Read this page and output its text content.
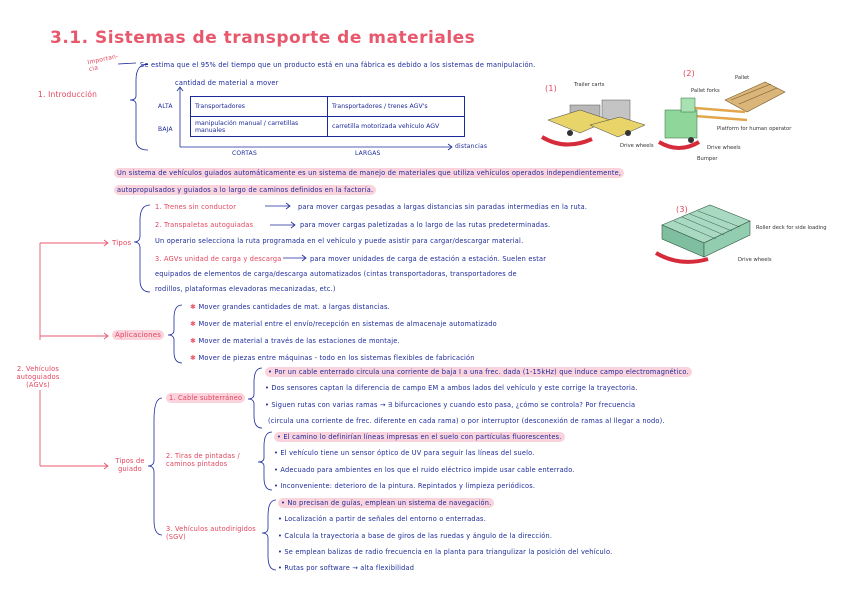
3.1. Sistemas de transporte de materiales
1. Introducción
Importan-
cia	Se estima que el 95% del tiempo que un producto está en una fábrica es debido a los sistemas de manipulación.
cantidad de material a mover
ALTA
BAJA
Transportadores	Transportadores / trenes AGV's
manipulación manual / carretillas manuales	carretilla motorizada vehículo AGV
CORTAS	LARGAS
distancias
Trailer carts
Drive wheels
(1)
Pallet
Pallet forks
Platform for human operator
Drive wheels
Bumper
(2)
Roller deck for side loading
Drive wheels
(3)
Un sistema de vehículos guiados automáticamente es un sistema de manejo de materiales que utiliza vehículos operados independientemente,
autopropulsados y guiados a lo largo de caminos definidos en la factoría.
2. Vehículos autoguiados (AGVs)
Tipos
1. Trenes sin conductor	para mover cargas pesadas a largas distancias sin paradas intermedias en la ruta.
2. Transpaletas autoguiadas	para mover cargas paletizadas a lo largo de las rutas predeterminadas.
Un operario selecciona la ruta programada en el vehículo y puede asistir para cargar/descargar material.
3. AGVs unidad de carga y descarga	para mover unidades de carga de estación a estación. Suelen estar
equipados de elementos de carga/descarga automatizados (cintas transportadoras, transportadores de
rodillos, plataformas elevadoras mecanizadas, etc.)
Aplicaciones
✱ Mover grandes cantidades de mat. a largas distancias.
✱ Mover de material entre el envío/recepción en sistemas de almacenaje automatizado
✱ Mover de material a través de las estaciones de montaje.
✱ Mover de piezas entre máquinas - todo en los sistemas flexibles de fabricación
Tipos de guiado
1. Cable subterráneo
• Por un cable enterrado circula una corriente de baja I a una frec. dada (1-15kHz) que induce campo electromagnético.
• Dos sensores captan la diferencia de campo EM a ambos lados del vehículo y este corrige la trayectoria.
• Siguen rutas con varias ramas → ∃ bifurcaciones y cuando esto pasa, ¿cómo se controla? Por frecuencia
(circula una corriente de frec. diferente en cada rama) o por interruptor (desconexión de ramas al llegar a nodo).
2. Tiras de pintadas / caminos pintados
• El camino lo definirían líneas impresas en el suelo con partículas fluorescentes.
• El vehículo tiene un sensor óptico de UV para seguir las líneas del suelo.
• Adecuado para ambientes en los que el ruido eléctrico impide usar cable enterrado.
• Inconveniente: deterioro de la pintura. Repintados y limpieza periódicos.
3. Vehículos autodirigidos (SGV)
• No precisan de guías, emplean un sistema de navegación.
• Localización a partir de señales del entorno o enterradas.
• Calcula la trayectoria a base de giros de las ruedas y ángulo de la dirección.
• Se emplean balizas de radio frecuencia en la planta para triangulizar la posición del vehículo.
• Rutas por software → alta flexibilidad
